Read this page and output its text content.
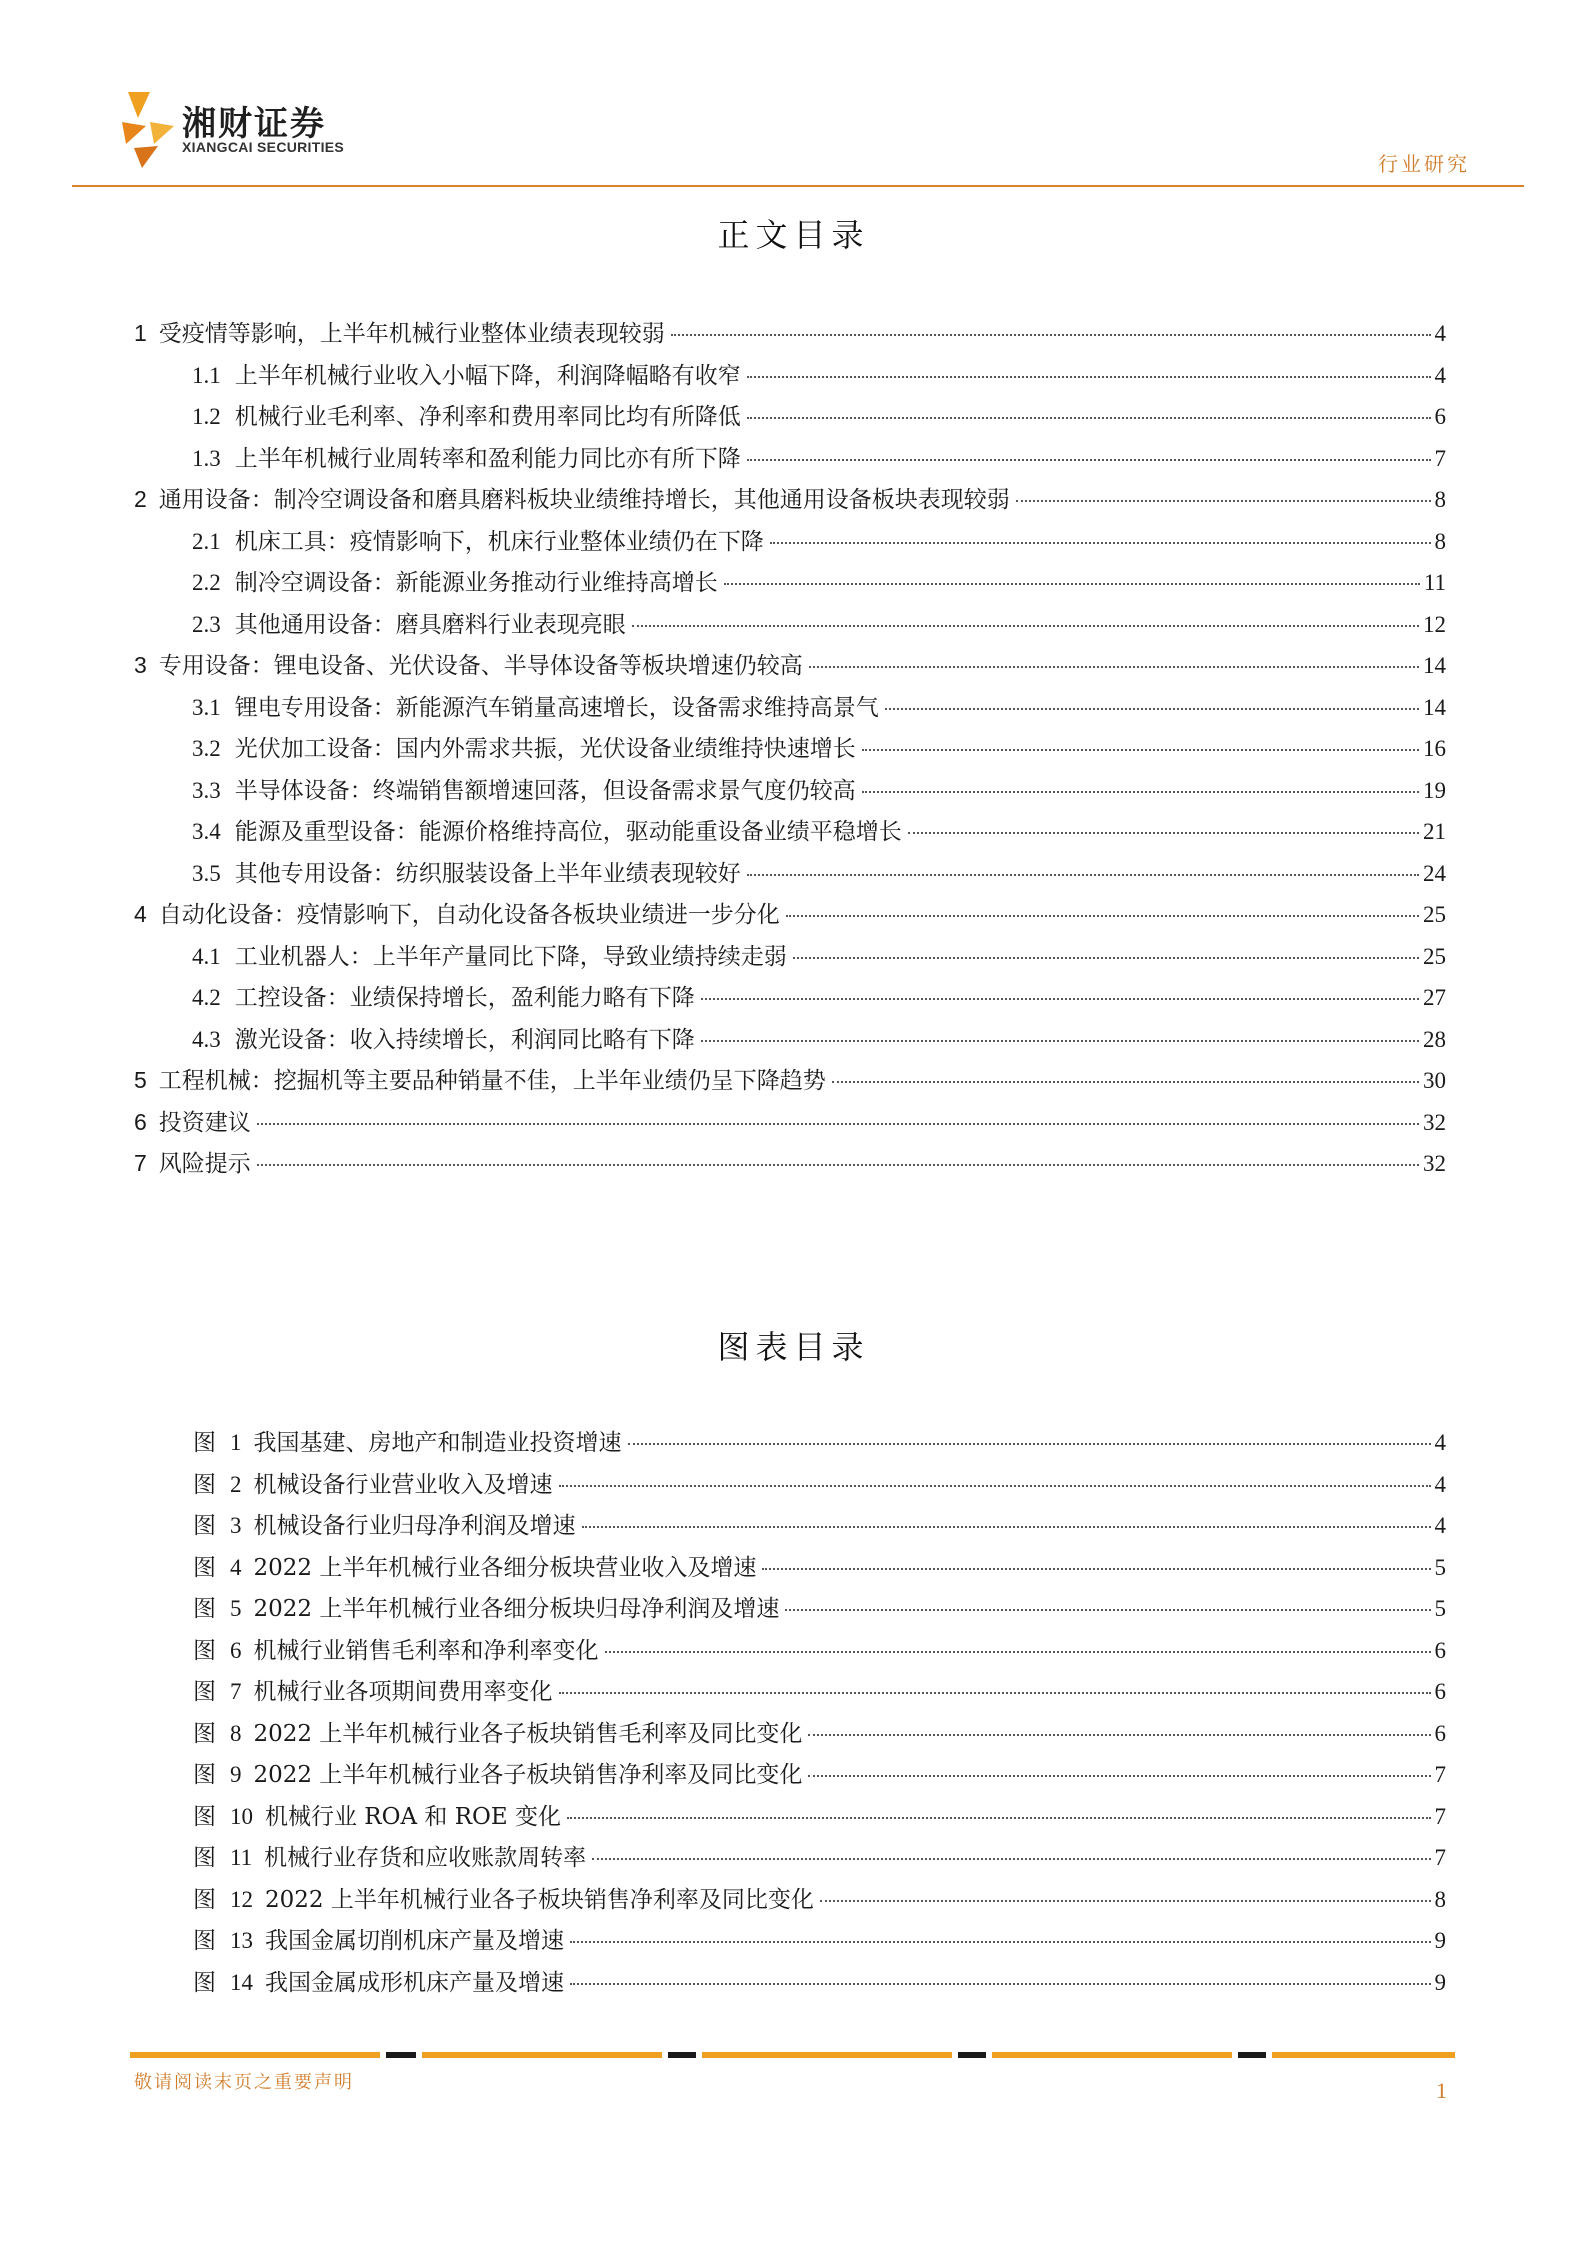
湘财证券
XIANGCAI SECURITIES
行业研究
正文目录
1 受疫情等影响，上半年机械行业整体业绩表现较弱	4
1.1 上半年机械行业收入小幅下降，利润降幅略有收窄	4
1.2 机械行业毛利率、净利率和费用率同比均有所降低	6
1.3 上半年机械行业周转率和盈利能力同比亦有所下降	7
2 通用设备：制冷空调设备和磨具磨料板块业绩维持增长，其他通用设备板块表现较弱	8
2.1 机床工具：疫情影响下，机床行业整体业绩仍在下降	8
2.2 制冷空调设备：新能源业务推动行业维持高增长	11
2.3 其他通用设备：磨具磨料行业表现亮眼	12
3 专用设备：锂电设备、光伏设备、半导体设备等板块增速仍较高	14
3.1 锂电专用设备：新能源汽车销量高速增长，设备需求维持高景气	14
3.2 光伏加工设备：国内外需求共振，光伏设备业绩维持快速增长	16
3.3 半导体设备：终端销售额增速回落，但设备需求景气度仍较高	19
3.4 能源及重型设备：能源价格维持高位，驱动能重设备业绩平稳增长	21
3.5 其他专用设备：纺织服装设备上半年业绩表现较好	24
4 自动化设备：疫情影响下，自动化设备各板块业绩进一步分化	25
4.1 工业机器人：上半年产量同比下降，导致业绩持续走弱	25
4.2 工控设备：业绩保持增长，盈利能力略有下降	27
4.3 激光设备：收入持续增长，利润同比略有下降	28
5 工程机械：挖掘机等主要品种销量不佳，上半年业绩仍呈下降趋势	30
6 投资建议	32
7 风险提示	32
图表目录
图 1 我国基建、房地产和制造业投资增速	4
图 2 机械设备行业营业收入及增速	4
图 3 机械设备行业归母净利润及增速	4
图 4 2022 上半年机械行业各细分板块营业收入及增速	5
图 5 2022 上半年机械行业各细分板块归母净利润及增速	5
图 6 机械行业销售毛利率和净利率变化	6
图 7 机械行业各项期间费用率变化	6
图 8 2022 上半年机械行业各子板块销售毛利率及同比变化	6
图 9 2022 上半年机械行业各子板块销售净利率及同比变化	7
图 10 机械行业 ROA 和 ROE 变化	7
图 11 机械行业存货和应收账款周转率	7
图 12 2022 上半年机械行业各子板块销售净利率及同比变化	8
图 13 我国金属切削机床产量及增速	9
图 14 我国金属成形机床产量及增速	9
敬请阅读末页之重要声明	1
